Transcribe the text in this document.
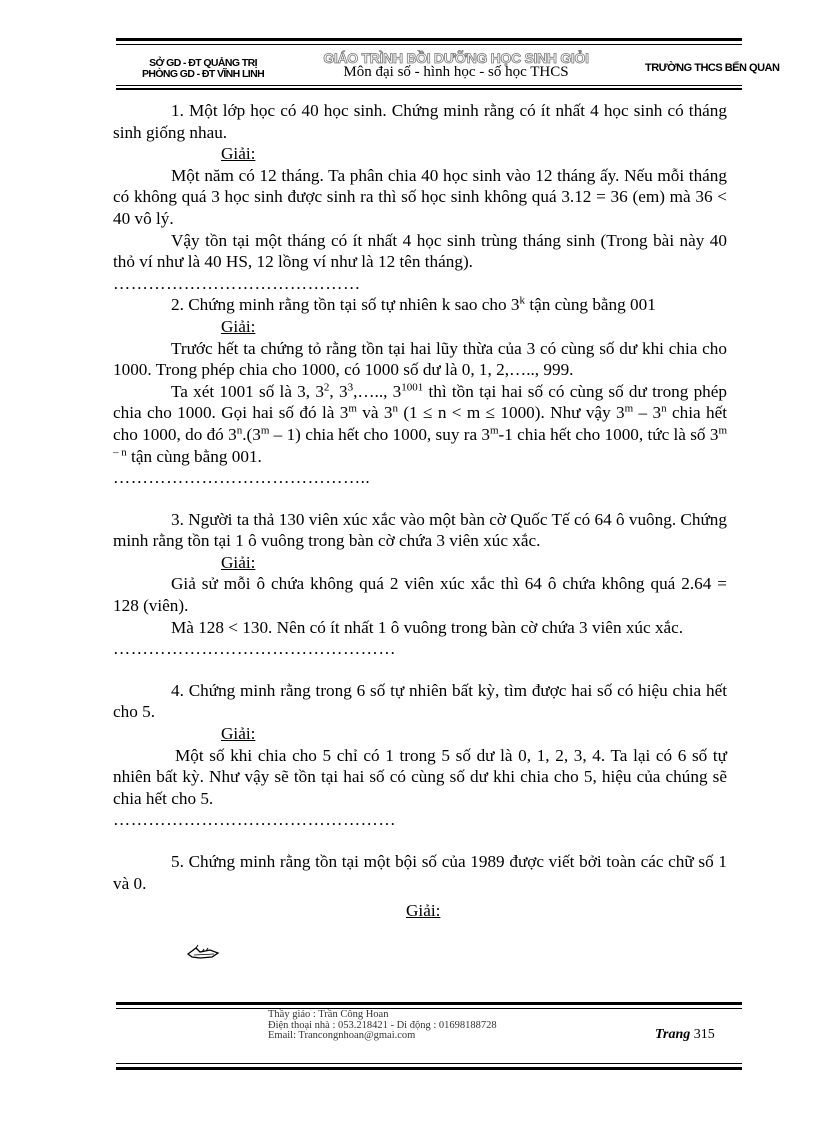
SỞ GD - ĐT QUẢNG TRỊ
PHÒNG GD - ĐT VĨNH LINH
GIÁO TRÌNH BỒI DƯỠNG HỌC SINH GIỎI
Môn đại số - hình học - số học THCS	TRƯỜNG THCS BẾN QUAN

1. Một lớp học có 40 học sinh. Chứng minh rằng có ít nhất 4 học sinh có tháng sinh giống nhau.

Giải:

Một năm có 12 tháng. Ta phân chia 40 học sinh vào 12 tháng ấy. Nếu mỗi tháng có không quá 3 học sinh được sinh ra thì số học sinh không quá 3.12 = 36 (em) mà 36 < 40 vô lý.

Vậy tồn tại một tháng có ít nhất 4 học sinh trùng tháng sinh (Trong bài này 40 thỏ ví như là 40 HS, 12 lồng ví như là 12 tên tháng).

……………………………………

2. Chứng minh rằng tồn tại số tự nhiên k sao cho 3$^k$ tận cùng bằng 001

Giải:

Trước hết ta chứng tỏ rằng tồn tại hai lũy thừa của 3 có cùng số dư khi chia cho 1000. Trong phép chia cho 1000, có 1000 số dư là 0, 1, 2,….., 999.

Ta xét 1001 số là 3, $3^2$, $3^3,\dots$.., $3^{1001}$ thì tồn tại hai số có cùng số dư trong phép chia cho 1000. Gọi hai số đó là 3$^m$ và 3$^n$ (1 ≤ n < m ≤ 1000). Như vậy 3$^m$ – 3$^n$ chia hết cho 1000, do đó 3$^n$.(3$^m$ – 1) chia hết cho 1000, suy ra 3$^m$-1 chia hết cho 1000, tức là số 3$^{m - n}$ tận cùng bằng 001.

……………………………………..

3. Người ta thả 130 viên xúc xắc vào một bàn cờ Quốc Tế có 64 ô vuông. Chứng minh rằng tồn tại 1 ô vuông trong bàn cờ chứa 3 viên xúc xắc.

Giải:

Giả sử mỗi ô chứa không quá 2 viên xúc xắc thì 64 ô chứa không quá 2.64 = 128 (viên).

Mà 128 < 130. Nên có ít nhất 1 ô vuông trong bàn cờ chứa 3 viên xúc xắc.

…………………………………………

4. Chứng minh rằng trong 6 số tự nhiên bất kỳ, tìm được hai số có hiệu chia hết cho 5.

Giải:

Một số khi chia cho 5 chỉ có 1 trong 5 số dư là 0, 1, 2, 3, 4. Ta lại có 6 số tự nhiên bất kỳ. Như vậy sẽ tồn tại hai số có cùng số dư khi chia cho 5, hiệu của chúng sẽ chia hết cho 5.

…………………………………………

5. Chứng minh rằng tồn tại một bội số của 1989 được viết bởi toàn các chữ số 1 và 0.

Giải:

Thầy giáo : Trần Công Hoan
Điện thoại nhà : 053.218421 - Di động : 01698188728
Email: Trancongnhoan@gmai.com	Trang 315
